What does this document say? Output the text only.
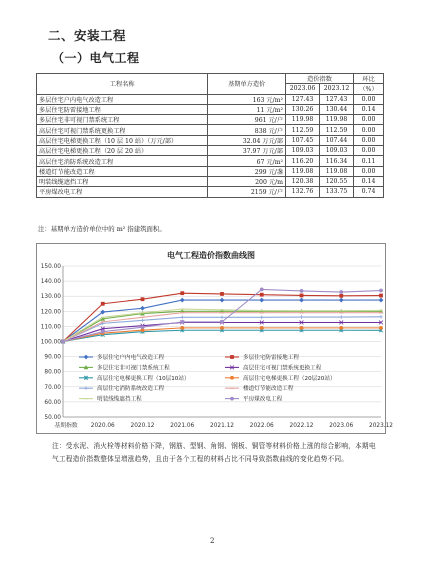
二、安装工程
（一）电气工程
工程名称	基期单方造价	造价指数		环比
		2023.06	2023.12	（%）
多层住宅户内电气改造工程	163 元/m²	127.43	127.43	0.00
多层住宅防雷接地工程	11 元/m²	130.26	130.44	0.14
多层住宅非可视门禁系统工程	961 元/户	119.98	119.98	0.00
高层住宅可视门禁系统更换工程	838 元/户	112.59	112.59	0.00
高层住宅电梯更换工程（10 层 10 站）（万元/部）	32.04 万元/部	107.45	107.44	0.00
高层住宅电梯更换工程（20 层 20 站）	37.97 万元/部	109.03	109.03	0.00
高层住宅消防系统改造工程	67 元/m²	116.20	116.34	0.11
楼道灯节能改造工程	299 元/盏	119.08	119.08	0.00
明装线缆遮挡工程	200 元/m	120.38	120.55	0.14
平房煤改电工程	2159 元/户	132.76	133.75	0.74
注：基期单方造价单位中的 m² 指建筑面积。
电气工程造价指数曲线图
50.00
60.00
70.00
80.00
90.00
100.00
110.00
120.00
130.00
140.00
150.00
基期指数 2020.06	2020.12	2021.06	2021.12	2022.06	2022.12	2023.06	2023.12
多层住宅户内电气改造工程	多层住宅防雷接地工程
多层住宅非可视门禁系统工程	高层住宅可视门禁系统更换工程
高层住宅电梯更换工程（10层10站）	高层住宅电梯更换工程（20层20站）
高层住宅消防系统改造工程	楼道灯节能改造工程
明装线缆遮挡工程	平房煤改电工程
注：受水泥、消火栓等材料价格下降，钢筋、型钢、角钢、钢板、铜管等材料价格上涨的综合影响，本期电气工程造价指数整体呈增涨趋势，且由于各个工程的材料占比不同导致指数曲线的变化趋势不同。
2
